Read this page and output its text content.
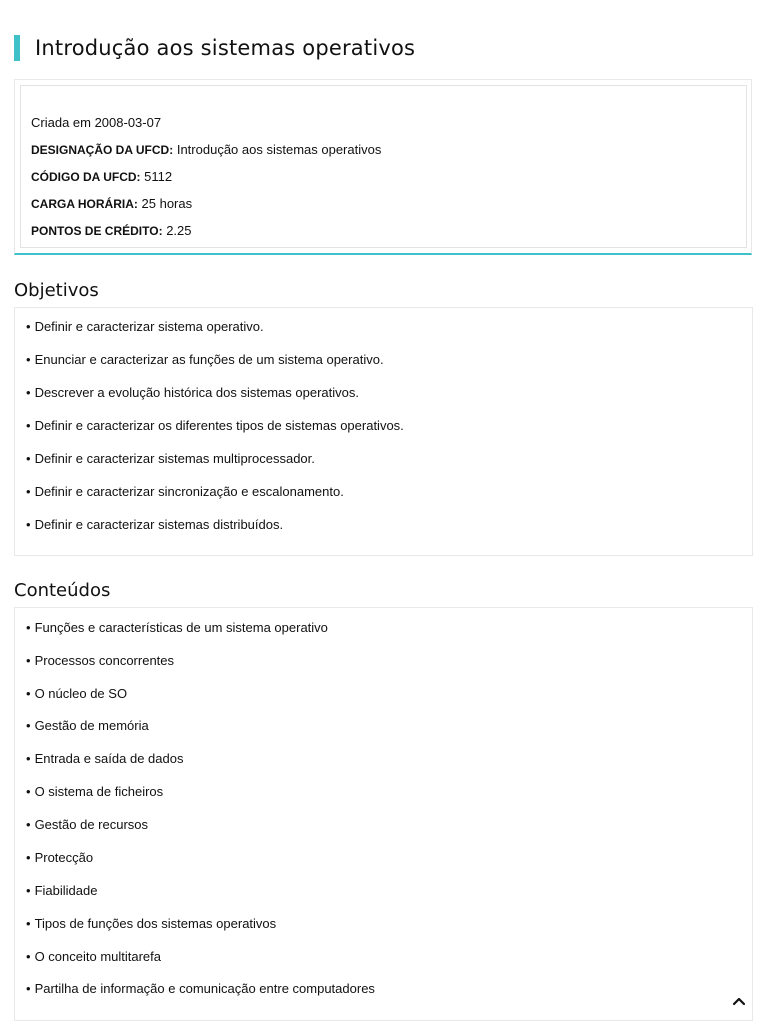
Introdução aos sistemas operativos
Criada em 2008-03-07
DESIGNAÇÃO DA UFCD: Introdução aos sistemas operativos
CÓDIGO DA UFCD: 5112
CARGA HORÁRIA: 25 horas
PONTOS DE CRÉDITO: 2.25
Objetivos
• Definir e caracterizar sistema operativo.
• Enunciar e caracterizar as funções de um sistema operativo.
• Descrever a evolução histórica dos sistemas operativos.
• Definir e caracterizar os diferentes tipos de sistemas operativos.
• Definir e caracterizar sistemas multiprocessador.
• Definir e caracterizar sincronização e escalonamento.
• Definir e caracterizar sistemas distribuídos.
Conteúdos
• Funções e características de um sistema operativo
• Processos concorrentes
• O núcleo de SO
• Gestão de memória
• Entrada e saída de dados
• O sistema de ficheiros
• Gestão de recursos
• Protecção
• Fiabilidade
• Tipos de funções dos sistemas operativos
• O conceito multitarefa
• Partilha de informação e comunicação entre computadores
